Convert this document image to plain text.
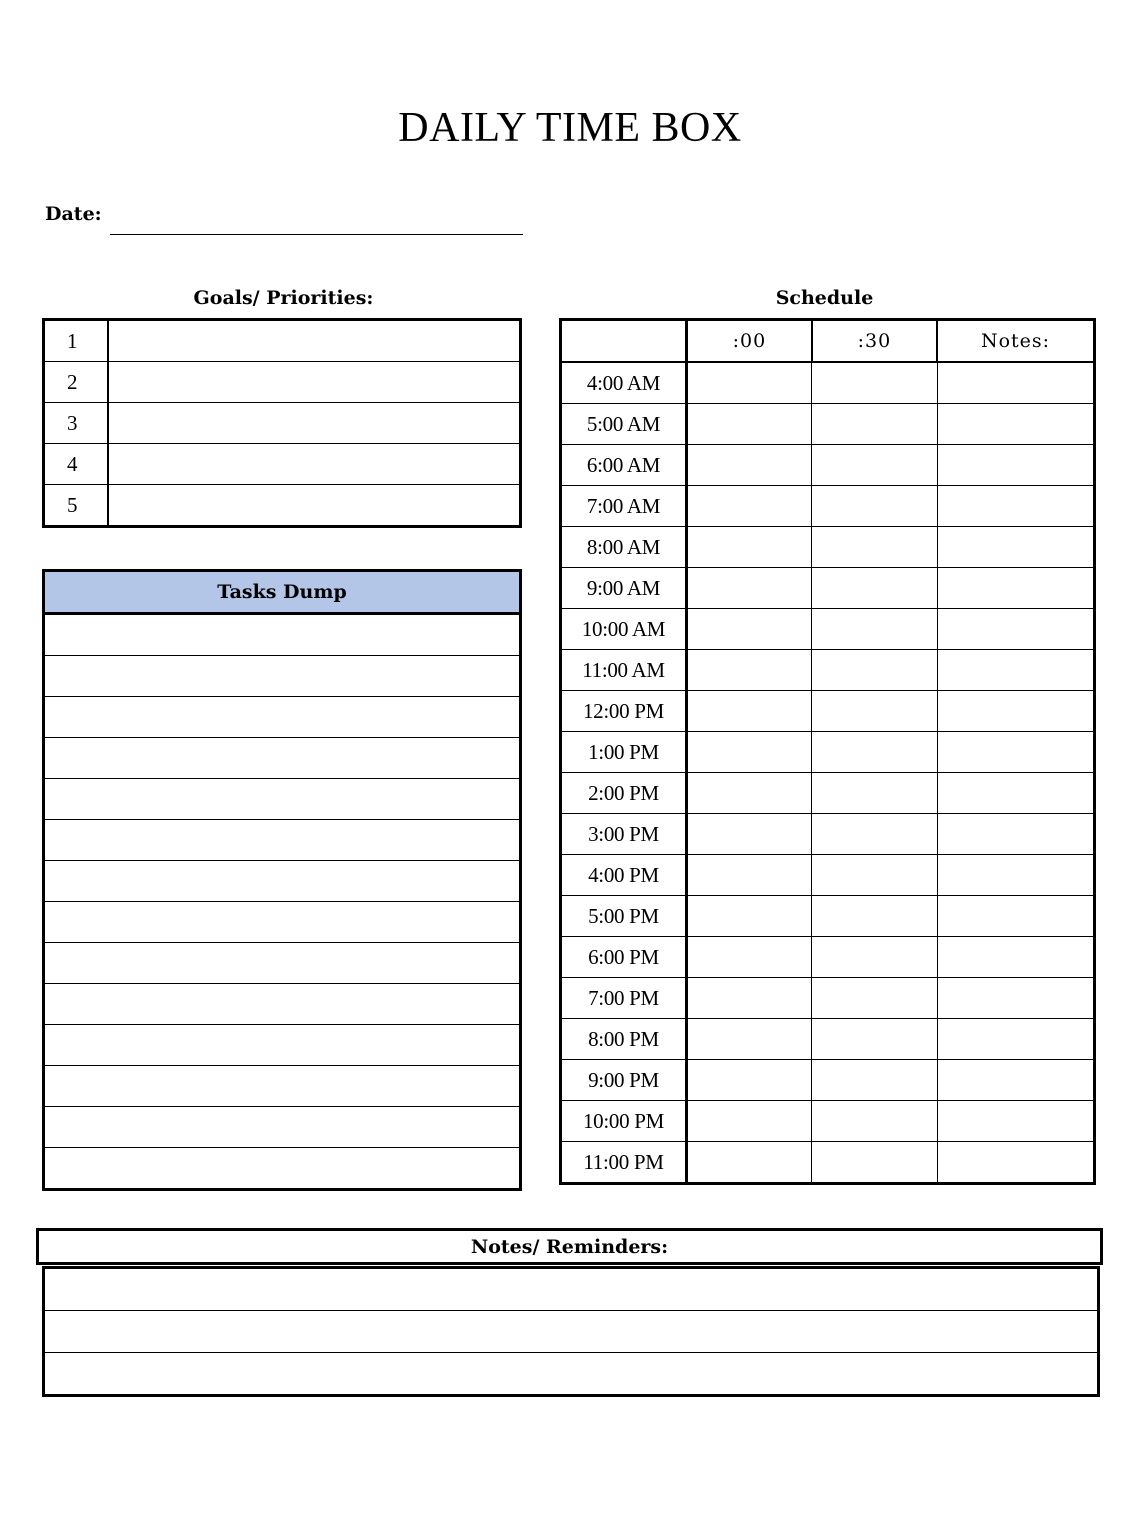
DAILY TIME BOX
Date:
Goals/ Priorities:
1	
2	
3	
4	
5	
Tasks Dump

Schedule
	:00	:30	Notes:
4:00 AM			
5:00 AM			
6:00 AM			
7:00 AM			
8:00 AM			
9:00 AM			
10:00 AM			
11:00 AM			
12:00 PM			
1:00 PM			
2:00 PM			
3:00 PM			
4:00 PM			
5:00 PM			
6:00 PM			
7:00 PM			
8:00 PM			
9:00 PM			
10:00 PM			
11:00 PM			
Notes/ Reminders:
